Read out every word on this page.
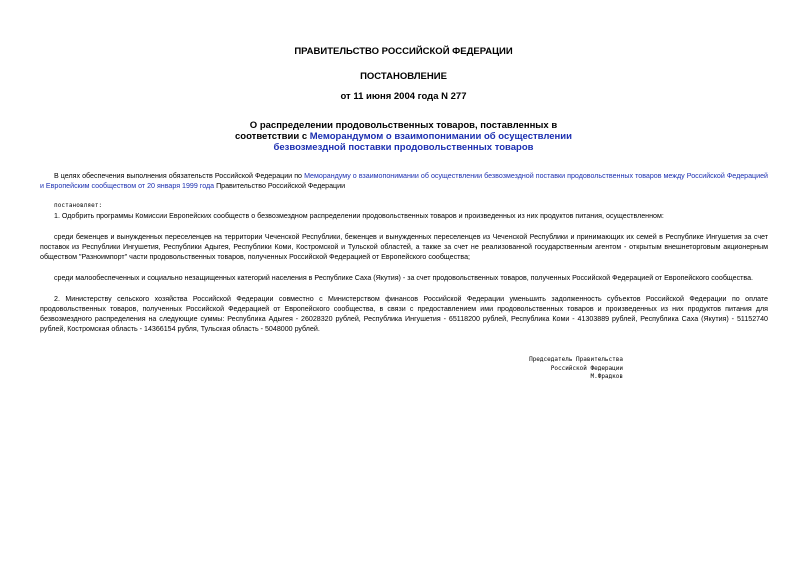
ПРАВИТЕЛЬСТВО РОССИЙСКОЙ ФЕДЕРАЦИИ
ПОСТАНОВЛЕНИЕ
от 11 июня 2004 года N 277
О распределении продовольственных товаров, поставленных в
соответствии с Меморандумом о взаимопонимании об осуществлении
безвозмездной поставки продовольственных товаров
В целях обеспечения выполнения обязательств Российской Федерации по Меморандуму о взаимопонимании об осуществлении безвозмездной поставки продовольственных товаров между Российской Федерацией и Европейским сообществом от 20 января 1999 года Правительство Российской Федерации
постановляет:
1. Одобрить программы Комиссии Европейских сообществ о безвозмездном распределении продовольственных товаров и произведенных из них продуктов питания, осуществленном:
среди беженцев и вынужденных переселенцев на территории Чеченской Республики, беженцев и вынужденных переселенцев из Чеченской Республики и принимающих их семей в Республике Ингушетия за счет поставок из Республики Ингушетия, Республики Адыгея, Республики Коми, Костромской и Тульской областей, а также за счет не реализованной государственным агентом - открытым внешнеторговым акционерным обществом "Разноимпорт" части продовольственных товаров, полученных Российской Федерацией от Европейского сообщества;
среди малообеспеченных и социально незащищенных категорий населения в Республике Саха (Якутия) - за счет продовольственных товаров, полученных Российской Федерацией от Европейского сообщества.
2. Министерству сельского хозяйства Российской Федерации совместно с Министерством финансов Российской Федерации уменьшить задолженность субъектов Российской Федерации по оплате продовольственных товаров, полученных Российской Федерацией от Европейского сообщества, в связи с предоставлением ими продовольственных товаров и произведенных из них продуктов питания для безвозмездного распределения на следующие суммы: Республика Адыгея - 26028320 рублей, Республика Ингушетия - 65118200 рублей, Республика Коми - 41303889 рублей, Республика Саха (Якутия) - 51152740 рублей, Костромская область - 14366154 рубля, Тульская область - 5048000 рублей.
Председатель Правительства
Российской Федерации
М.Фрадков
